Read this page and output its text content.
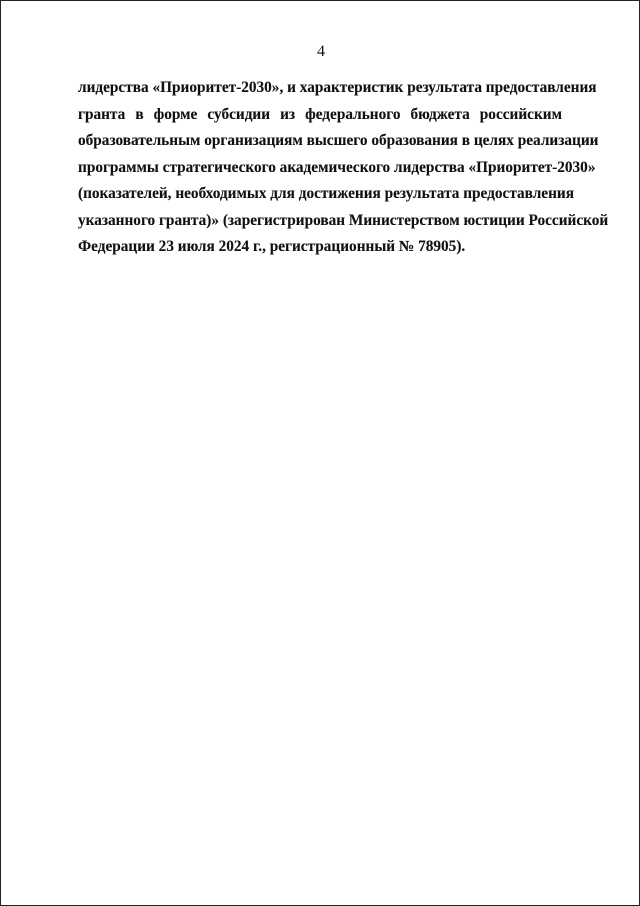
4
лидерства «Приоритет-2030», и характеристик результата предоставления
гранта в форме субсидии из федерального бюджета российским
образовательным организациям высшего образования в целях реализации
программы стратегического академического лидерства «Приоритет-2030»
(показателей, необходимых для достижения результата предоставления
указанного гранта)» (зарегистрирован Министерством юстиции Российской
Федерации 23 июля 2024 г., регистрационный № 78905).
